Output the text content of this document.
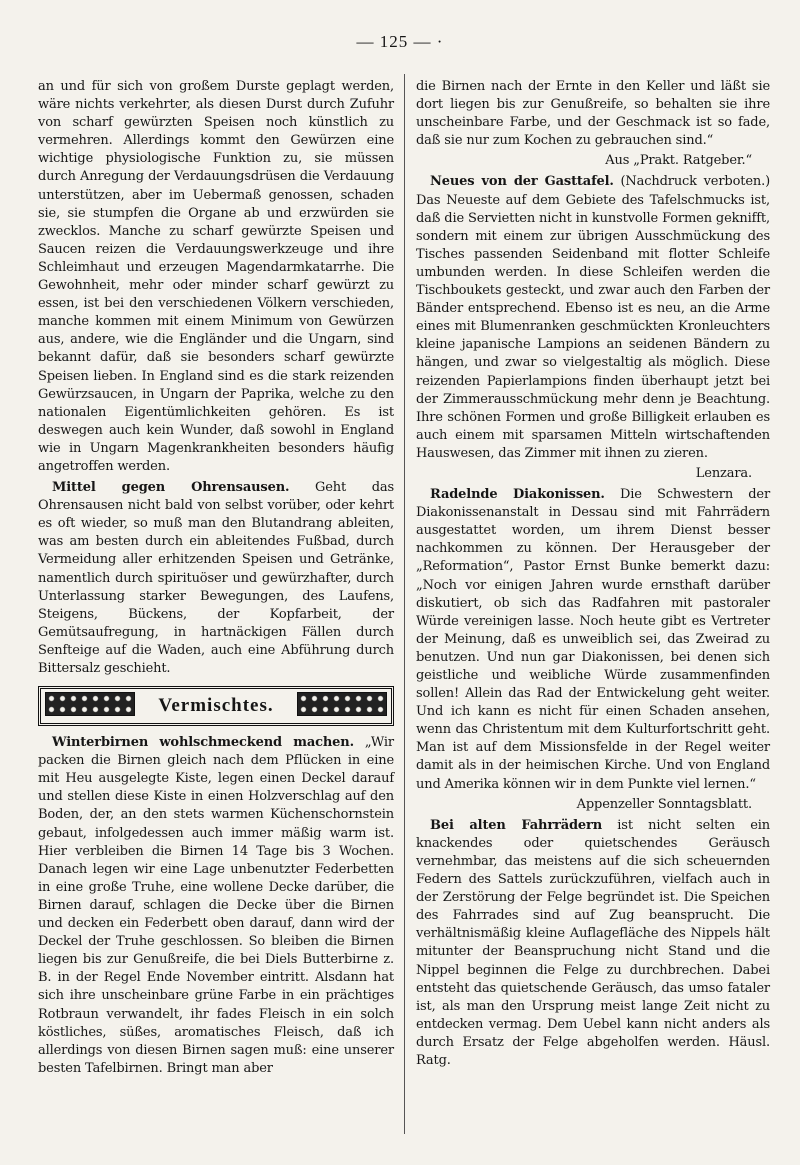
— 125 — ·

an und für sich von großem Durste geplagt werden, wäre nichts verkehrter, als diesen Durst durch Zufuhr von scharf gewürzten Speisen noch künstlich zu vermehren. Allerdings kommt den Gewürzen eine wichtige physiologische Funktion zu, sie müssen durch Anregung der Verdauungsdrüsen die Verdauung unterstützen, aber im Uebermaß genossen, schaden sie, sie stumpfen die Organe ab und erzwürden sie zwecklos. Manche zu scharf gewürzte Speisen und Saucen reizen die Verdauungswerkzeuge und ihre Schleimhaut und erzeugen Magendarmkatarrhe. Die Gewohnheit, mehr oder minder scharf gewürzt zu essen, ist bei den verschiedenen Völkern verschieden, manche kommen mit einem Minimum von Gewürzen aus, andere, wie die Engländer und die Ungarn, sind bekannt dafür, daß sie besonders scharf gewürzte Speisen lieben. In England sind es die stark reizenden Gewürzsaucen, in Ungarn der Paprika, welche zu den nationalen Eigentümlichkeiten gehören. Es ist deswegen auch kein Wunder, daß sowohl in England wie in Ungarn Magenkrankheiten besonders häufig angetroffen werden.

Mittel gegen Ohrensausen. Geht das Ohrensausen nicht bald von selbst vorüber, oder kehrt es oft wieder, so muß man den Blutandrang ableiten, was am besten durch ein ableitendes Fußbad, durch Vermeidung aller erhitzenden Speisen und Getränke, namentlich durch spirituöser und gewürzhafter, durch Unterlassung starker Bewegungen, des Laufens, Steigens, Bückens, der Kopfarbeit, der Gemütsaufregung, in hartnäckigen Fällen durch Senfteige auf die Waden, auch eine Abführung durch Bittersalz geschieht.

Vermischtes.

Winterbirnen wohlschmeckend machen. „Wir packen die Birnen gleich nach dem Pflücken in eine mit Heu ausgelegte Kiste, legen einen Deckel darauf und stellen diese Kiste in einen Holzverschlag auf den Boden, der, an den stets warmen Küchenschornstein gebaut, infolgedessen auch immer mäßig warm ist. Hier verbleiben die Birnen 14 Tage bis 3 Wochen. Danach legen wir eine Lage unbenutzter Federbetten in eine große Truhe, eine wollene Decke darüber, die Birnen darauf, schlagen die Decke über die Birnen und decken ein Federbett oben darauf, dann wird der Deckel der Truhe geschlossen. So bleiben die Birnen liegen bis zur Genußreife, die bei Diels Butterbirne z. B. in der Regel Ende November eintritt. Alsdann hat sich ihre unscheinbare grüne Farbe in ein prächtiges Rotbraun verwandelt, ihr fades Fleisch in ein solch köstliches, süßes, aromatisches Fleisch, daß ich allerdings von diesen Birnen sagen muß: eine unserer besten Tafelbirnen. Bringt man aber

die Birnen nach der Ernte in den Keller und läßt sie dort liegen bis zur Genußreife, so behalten sie ihre unscheinbare Farbe, und der Geschmack ist so fade, daß sie nur zum Kochen zu gebrauchen sind.“

Aus „Prakt. Ratgeber.“

Neues von der Gasttafel. (Nachdruck verboten.) Das Neueste auf dem Gebiete des Tafelschmucks ist, daß die Servietten nicht in kunstvolle Formen geknifft, sondern mit einem zur übrigen Ausschmückung des Tisches passenden Seidenband mit flotter Schleife umbunden werden. In diese Schleifen werden die Tischboukets gesteckt, und zwar auch den Farben der Bänder entsprechend. Ebenso ist es neu, an die Arme eines mit Blumenranken geschmückten Kronleuchters kleine japanische Lampions an seidenen Bändern zu hängen, und zwar so vielgestaltig als möglich. Diese reizenden Papierlampions finden überhaupt jetzt bei der Zimmerausschmückung mehr denn je Beachtung. Ihre schönen Formen und große Billigkeit erlauben es auch einem mit sparsamen Mitteln wirtschaftenden Hauswesen, das Zimmer mit ihnen zu zieren.

Lenzara.

Radelnde Diakonissen. Die Schwestern der Diakonissenanstalt in Dessau sind mit Fahrrädern ausgestattet worden, um ihrem Dienst besser nachkommen zu können. Der Herausgeber der „Reformation“, Pastor Ernst Bunke bemerkt dazu: „Noch vor einigen Jahren wurde ernsthaft darüber diskutiert, ob sich das Radfahren mit pastoraler Würde vereinigen lasse. Noch heute gibt es Vertreter der Meinung, daß es unweiblich sei, das Zweirad zu benutzen. Und nun gar Diakonissen, bei denen sich geistliche und weibliche Würde zusammenfinden sollen! Allein das Rad der Entwickelung geht weiter. Und ich kann es nicht für einen Schaden ansehen, wenn das Christentum mit dem Kulturfortschritt geht. Man ist auf dem Missionsfelde in der Regel weiter damit als in der heimischen Kirche. Und von England und Amerika können wir in dem Punkte viel lernen.“

Appenzeller Sonntagsblatt.

Bei alten Fahrrädern ist nicht selten ein knackendes oder quietschendes Geräusch vernehmbar, das meistens auf die sich scheuernden Federn des Sattels zurückzuführen, vielfach auch in der Zerstörung der Felge begründet ist. Die Speichen des Fahrrades sind auf Zug beansprucht. Die verhältnismäßig kleine Auflagefläche des Nippels hält mitunter der Beanspruchung nicht Stand und die Nippel beginnen die Felge zu durchbrechen. Dabei entsteht das quietschende Geräusch, das umso fataler ist, als man den Ursprung meist lange Zeit nicht zu entdecken vermag. Dem Uebel kann nicht anders als durch Ersatz der Felge abgeholfen werden. Häusl. Ratg.
